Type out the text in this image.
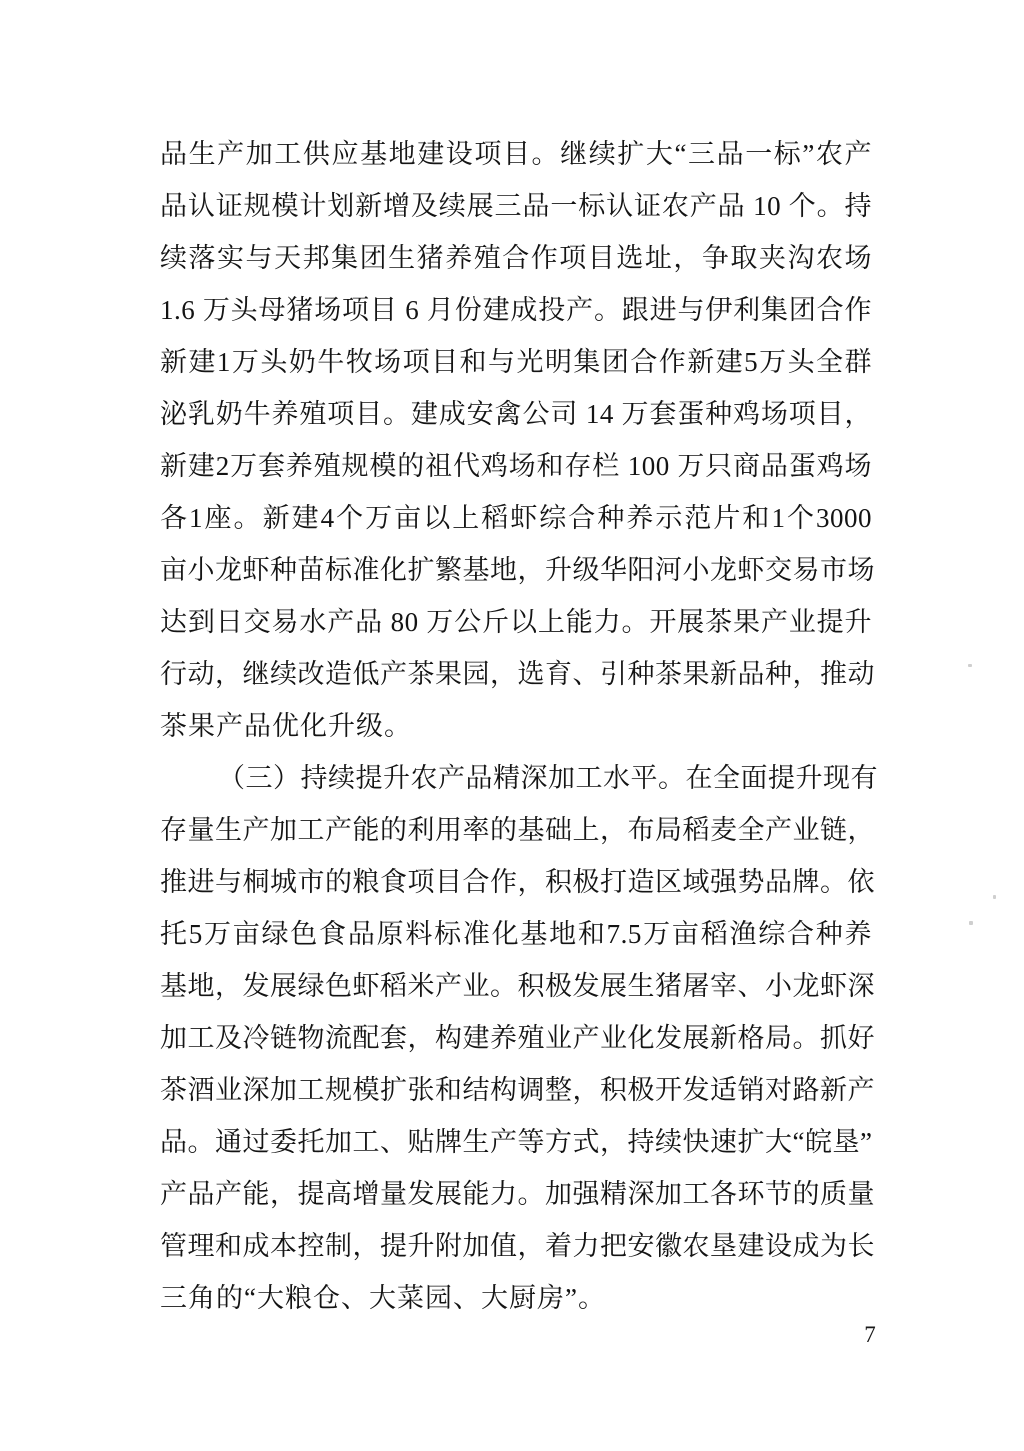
品生产加工供应基地建设项目。继续扩大“三品一标”农产
品认证规模计划新增及续展三品一标认证农产品 10 个。持
续落实与天邦集团生猪养殖合作项目选址，争取夹沟农场
1.6 万头母猪场项目 6 月份建成投产。跟进与伊利集团合作
新建1万头奶牛牧场项目和与光明集团合作新建5万头全群
泌乳奶牛养殖项目。建成安禽公司 14 万套蛋种鸡场项目，
新建2万套养殖规模的祖代鸡场和存栏 100 万只商品蛋鸡场
各1座。新建4个万亩以上稻虾综合种养示范片和1个3000
亩小龙虾种苗标准化扩繁基地，升级华阳河小龙虾交易市场
达到日交易水产品 80 万公斤以上能力。开展茶果产业提升
行动，继续改造低产茶果园，选育、引种茶果新品种，推动
茶果产品优化升级。
（三）持续提升农产品精深加工水平。在全面提升现有
存量生产加工产能的利用率的基础上，布局稻麦全产业链，
推进与桐城市的粮食项目合作，积极打造区域强势品牌。依
托5万亩绿色食品原料标准化基地和7.5万亩稻渔综合种养
基地，发展绿色虾稻米产业。积极发展生猪屠宰、小龙虾深
加工及冷链物流配套，构建养殖业产业化发展新格局。抓好
茶酒业深加工规模扩张和结构调整，积极开发适销对路新产
品。通过委托加工、贴牌生产等方式，持续快速扩大“皖垦”
产品产能，提高增量发展能力。加强精深加工各环节的质量
管理和成本控制，提升附加值，着力把安徽农垦建设成为长
三角的“大粮仓、大菜园、大厨房”。
7
